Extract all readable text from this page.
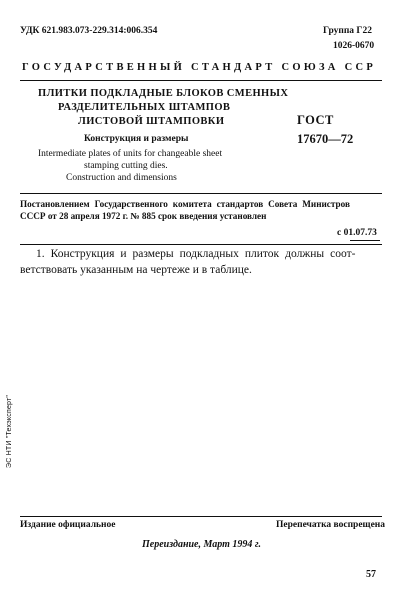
УДК 621.983.073-229.314:006.354	Группа Г22
1026-0670
ГОСУДАРСТВЕННЫЙ СТАНДАРТ СОЮЗА ССР
ПЛИТКИ ПОДКЛАДНЫЕ БЛОКОВ СМЕННЫХ
РАЗДЕЛИТЕЛЬНЫХ ШТАМПОВ
ЛИСТОВОЙ ШТАМПОВКИ
Конструкция и размеры
Intermediate plates of units for changeable sheet
stamping cutting dies.
Construction and dimensions
ГОСТ
17670—72
Постановлением Государственного комитета стандартов Совета Министров
СССР от 28 апреля 1972 г. № 885 срок введения установлен
с 01.07.73
1. Конструкция и размеры подкладных плиток должны соот-
ветствовать указанным на чертеже и в таблице.
ЭС НТИ "Техэксперт"
Издание официальное	Перепечатка воспрещена
Переиздание, Март 1994 г.
57
